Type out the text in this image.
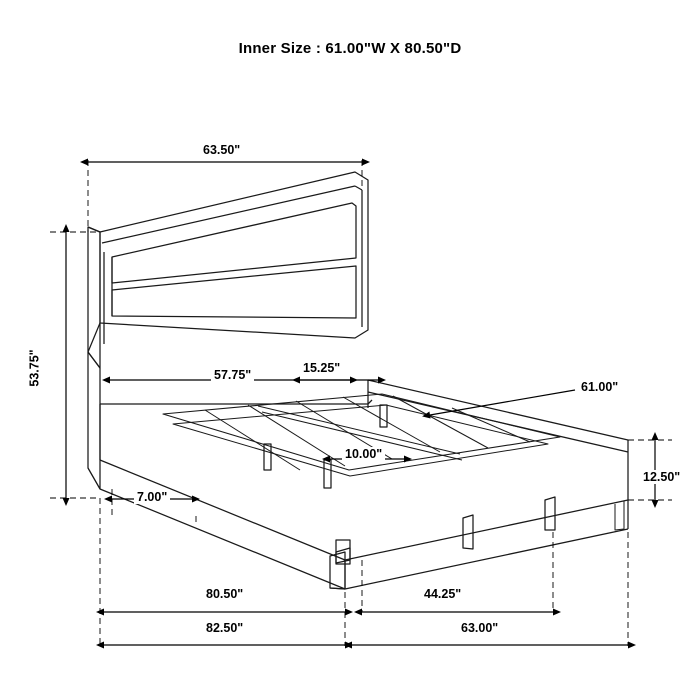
Inner Size : 61.00"W X 80.50"D
63.50"
53.75"	57.75"	15.25"
61.00"
10.00"
12.50"
7.00"
80.50"	44.25"
82.50"	63.00"
